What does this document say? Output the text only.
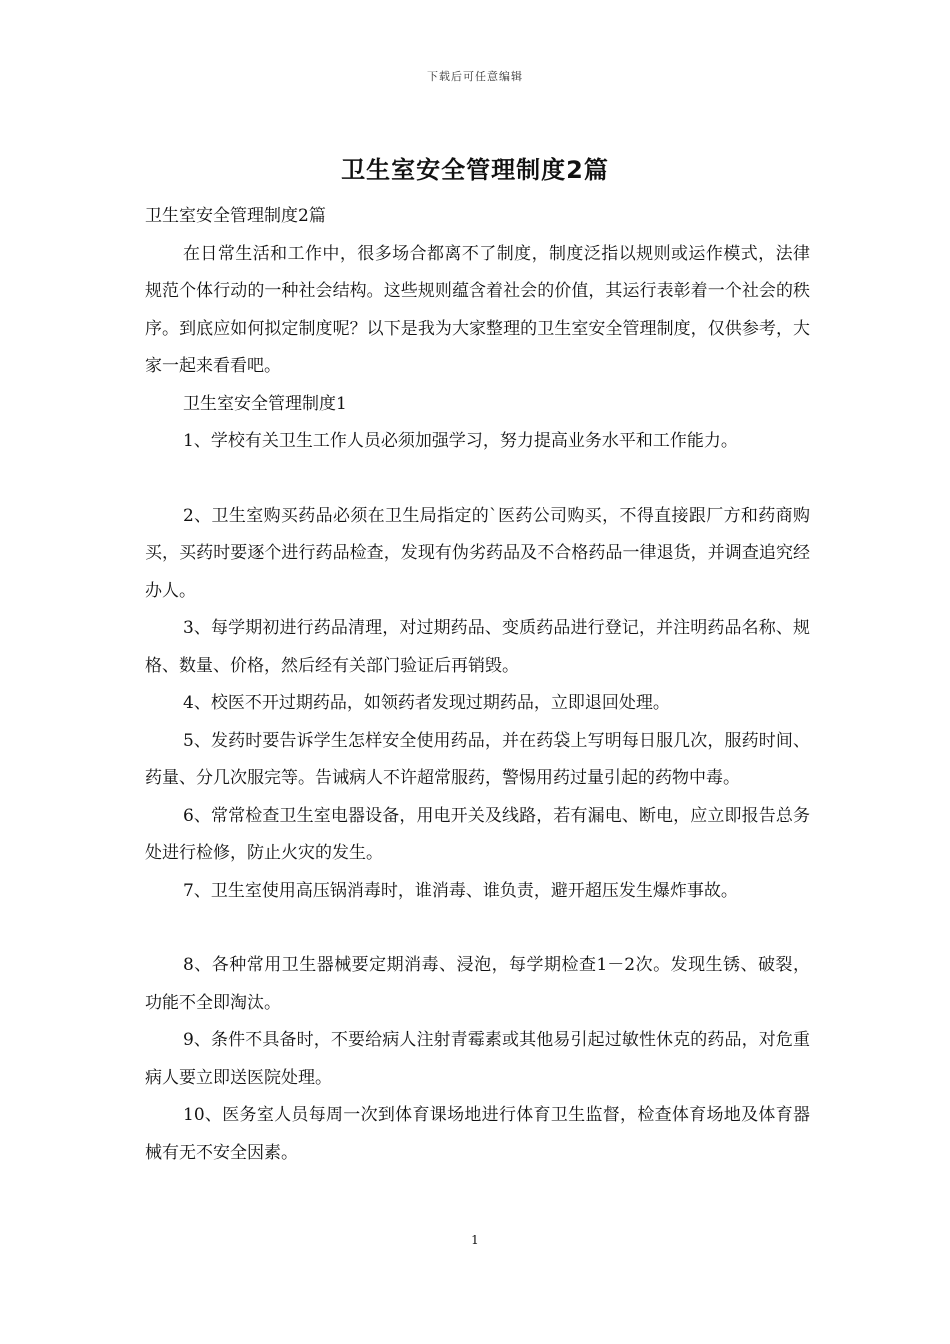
下载后可任意编辑
卫生室安全管理制度2篇

卫生室安全管理制度2篇

在日常生活和工作中，很多场合都离不了制度，制度泛指以规则或运作模式，法律规范个体行动的一种社会结构。这些规则蕴含着社会的价值，其运行表彰着一个社会的秩序。到底应如何拟定制度呢？以下是我为大家整理的卫生室安全管理制度，仅供参考，大家一起来看看吧。

卫生室安全管理制度1

1、学校有关卫生工作人员必须加强学习，努力提高业务水平和工作能力。

2、卫生室购买药品必须在卫生局指定的`医药公司购买，不得直接跟厂方和药商购买，买药时要逐个进行药品检查，发现有伪劣药品及不合格药品一律退货，并调查追究经办人。

3、每学期初进行药品清理，对过期药品、变质药品进行登记，并注明药品名称、规格、数量、价格，然后经有关部门验证后再销毁。

4、校医不开过期药品，如领药者发现过期药品，立即退回处理。

5、发药时要告诉学生怎样安全使用药品，并在药袋上写明每日服几次，服药时间、药量、分几次服完等。告诫病人不许超常服药，警惕用药过量引起的药物中毒。

6、常常检查卫生室电器设备，用电开关及线路，若有漏电、断电，应立即报告总务处进行检修，防止火灾的发生。

7、卫生室使用高压锅消毒时，谁消毒、谁负责，避开超压发生爆炸事故。

8、各种常用卫生器械要定期消毒、浸泡，每学期检查1－2次。发现生锈、破裂，功能不全即淘汰。

9、条件不具备时，不要给病人注射青霉素或其他易引起过敏性休克的药品，对危重病人要立即送医院处理。

10、医务室人员每周一次到体育课场地进行体育卫生监督，检查体育场地及体育器械有无不安全因素。

1
